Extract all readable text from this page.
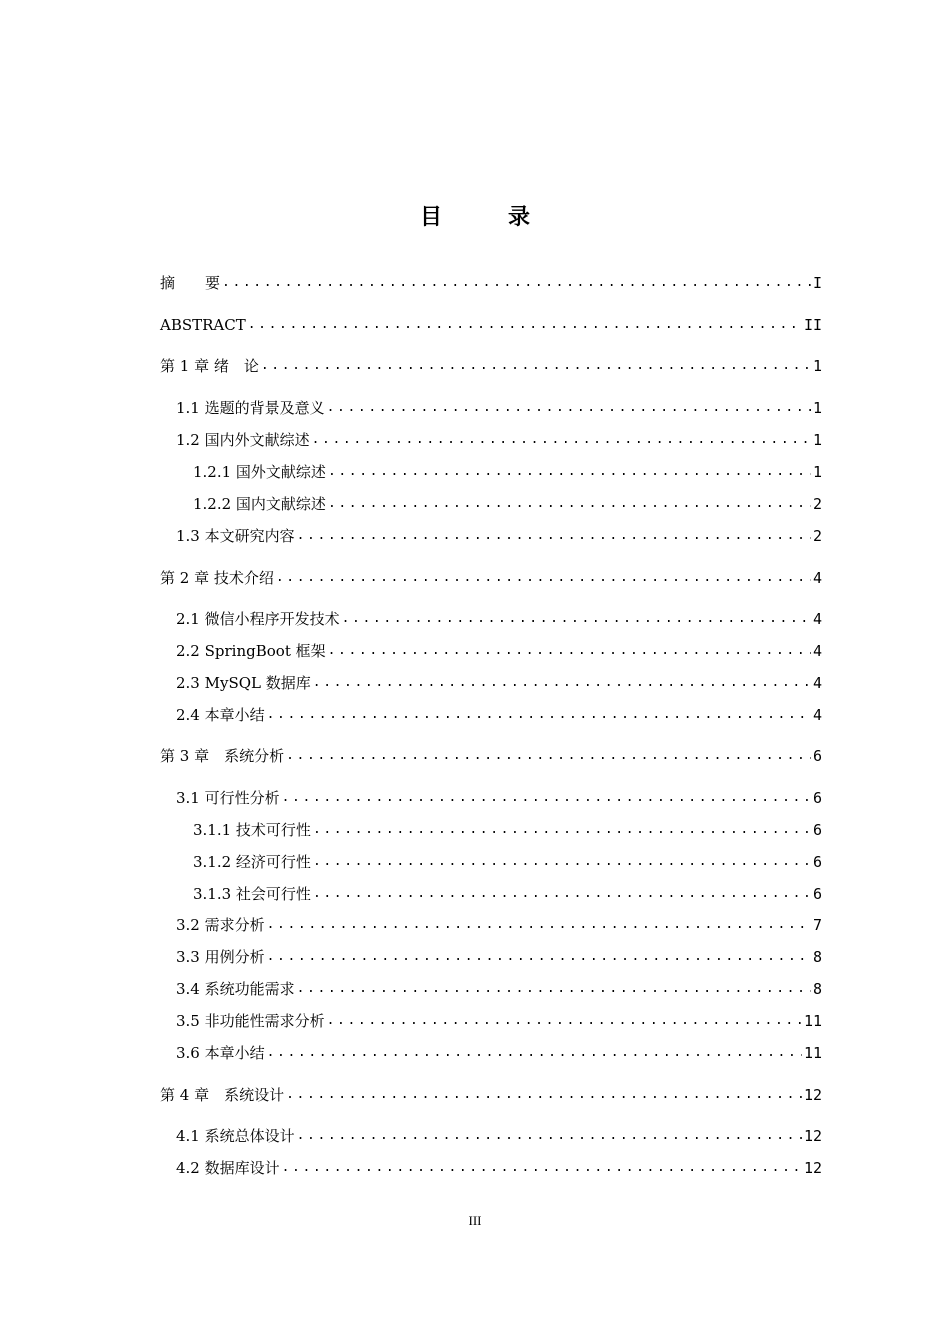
目　录
摘　　要 .....	I
ABSTRACT .....	II
第 1 章 绪　论 .....	1
1.1 选题的背景及意义 .....	1
1.2 国内外文献综述 .....	1
1.2.1 国外文献综述 .....	1
1.2.2 国内文献综述 .....	2
1.3 本文研究内容 .....	2
第 2 章 技术介绍 .....	4
2.1 微信小程序开发技术 .....	4
2.2 SpringBoot 框架 .....	4
2.3 MySQL 数据库 .....	4
2.4 本章小结 .....	4
第 3 章　系统分析 .....	6
3.1 可行性分析 .....	6
3.1.1 技术可行性 .....	6
3.1.2 经济可行性 .....	6
3.1.3 社会可行性 .....	6
3.2 需求分析 .....	7
3.3 用例分析 .....	8
3.4 系统功能需求 .....	8
3.5 非功能性需求分析 .....	11
3.6 本章小结 .....	11
第 4 章　系统设计 .....	12
4.1 系统总体设计 .....	12
4.2 数据库设计 .....	12
III
